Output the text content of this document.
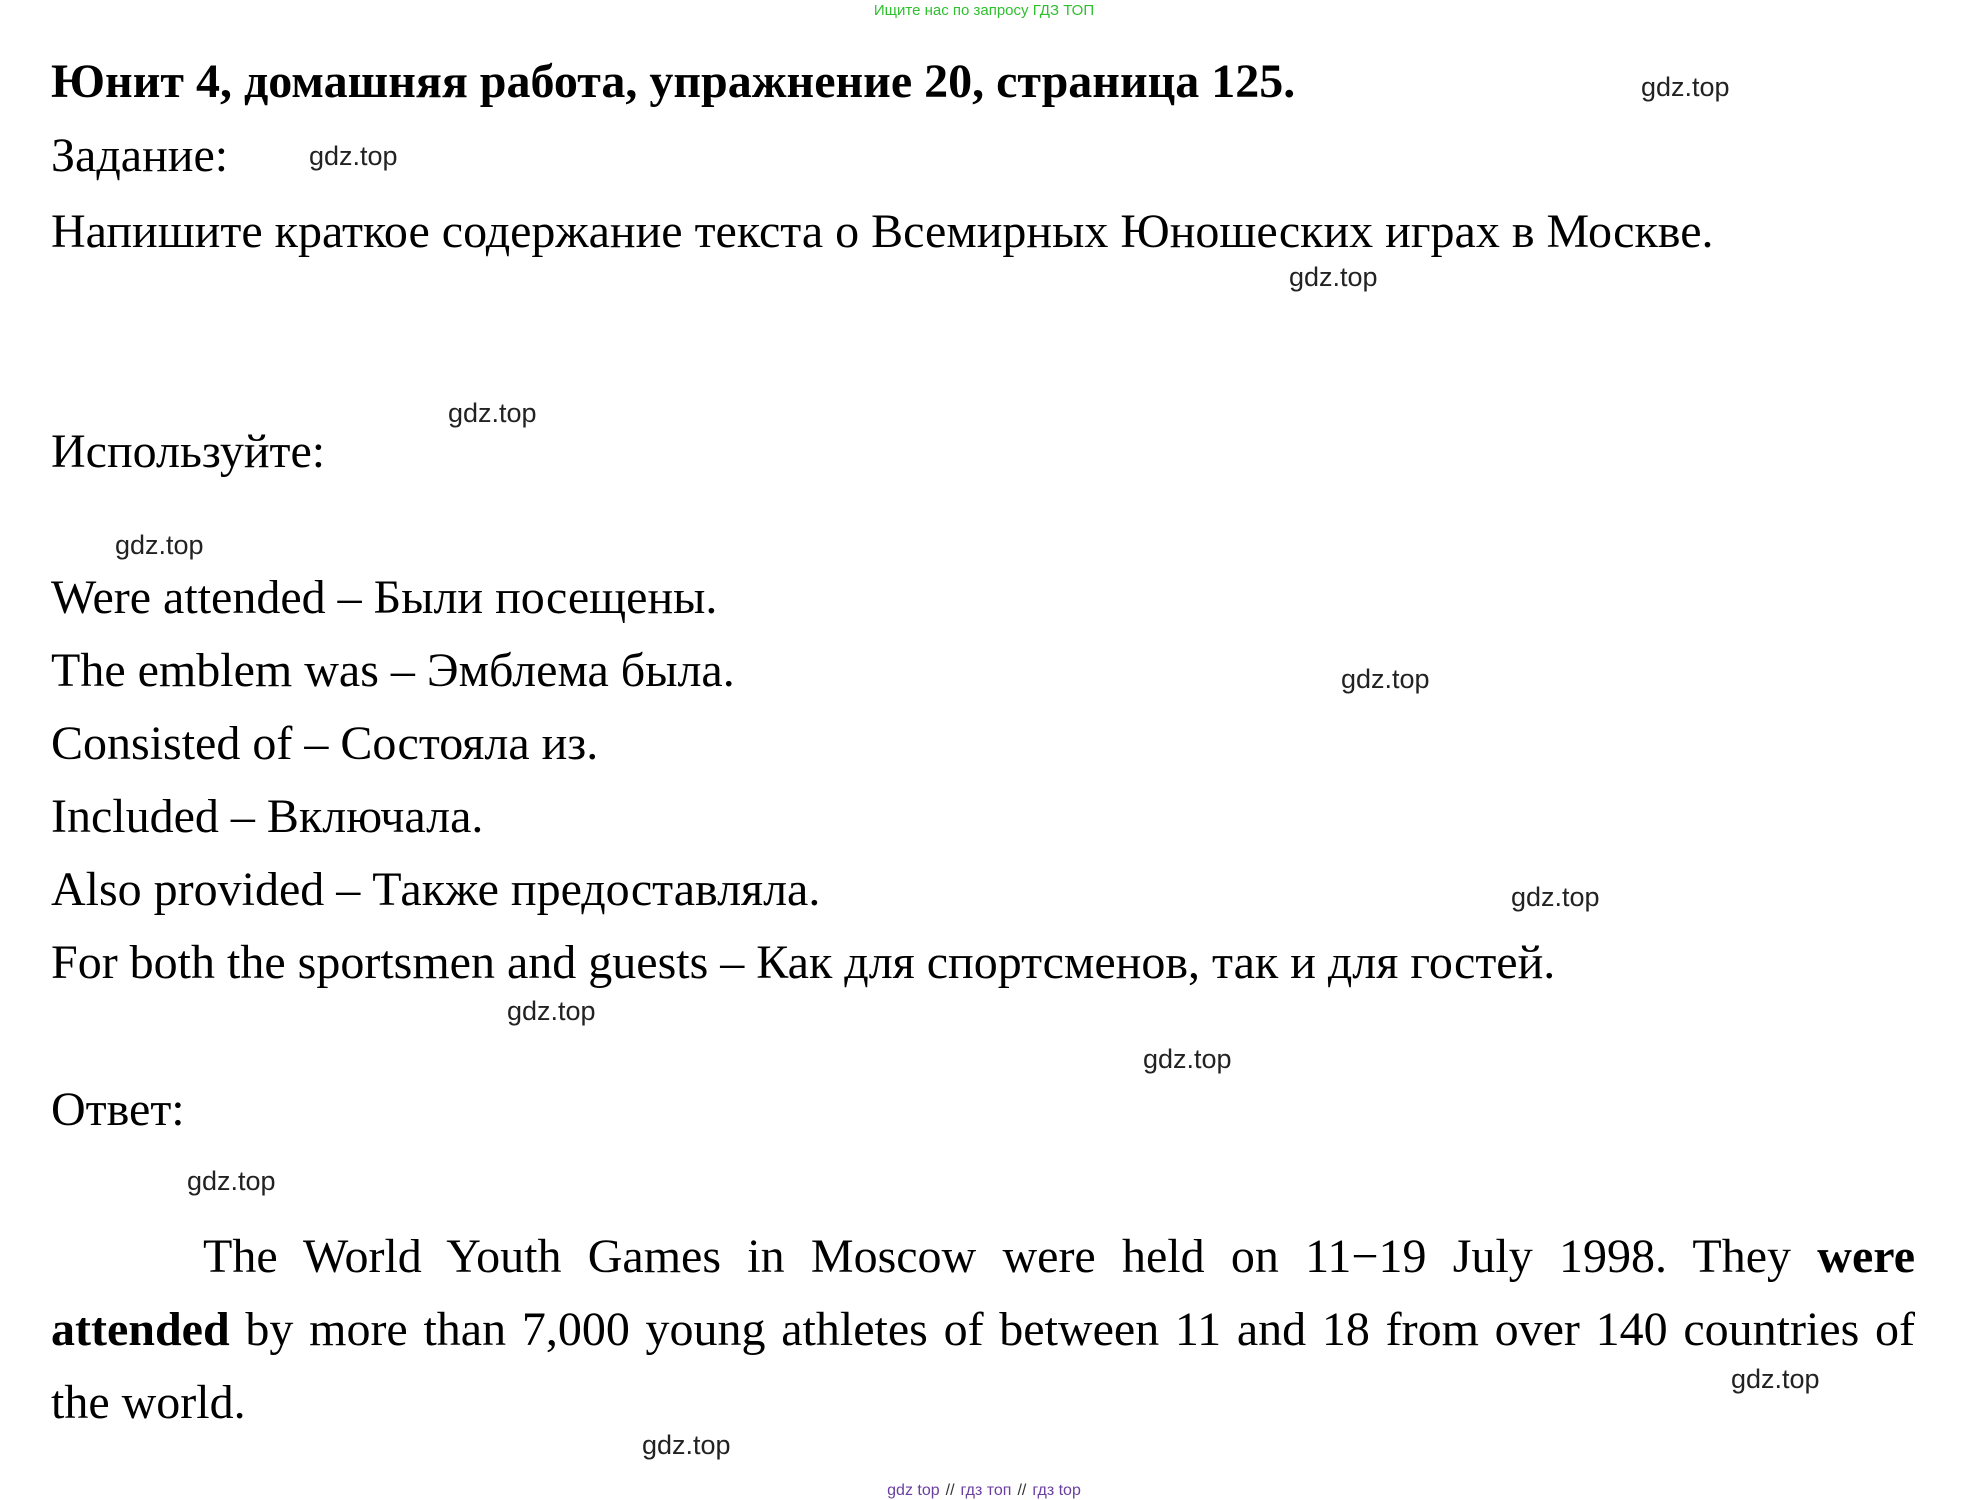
Ищите нас по запросу ГДЗ ТОП
Юнит 4, домашняя работа, упражнение 20, страница 125.
Задание:
Напишите краткое содержание текста о Всемирных Юношеских играх в Москве.
Используйте:
Were attended – Были посещены.
The emblem was – Эмблема была.
Consisted of – Состояла из.
Included – Включала.
Also provided – Также предоставляла.
For both the sportsmen and guests – Как для спортсменов, так и для гостей.
Ответ:
The World Youth Games in Moscow were held on 11−19 July 1998. They were attended by more than 7,000 young athletes of between 11 and 18 from over 140 countries of the world.
gdz.top
gdz.top
gdz.top
gdz.top
gdz.top
gdz.top
gdz.top
gdz.top
gdz.top
gdz.top
gdz.top
gdz.top
gdz top // гдз топ // гдз top
